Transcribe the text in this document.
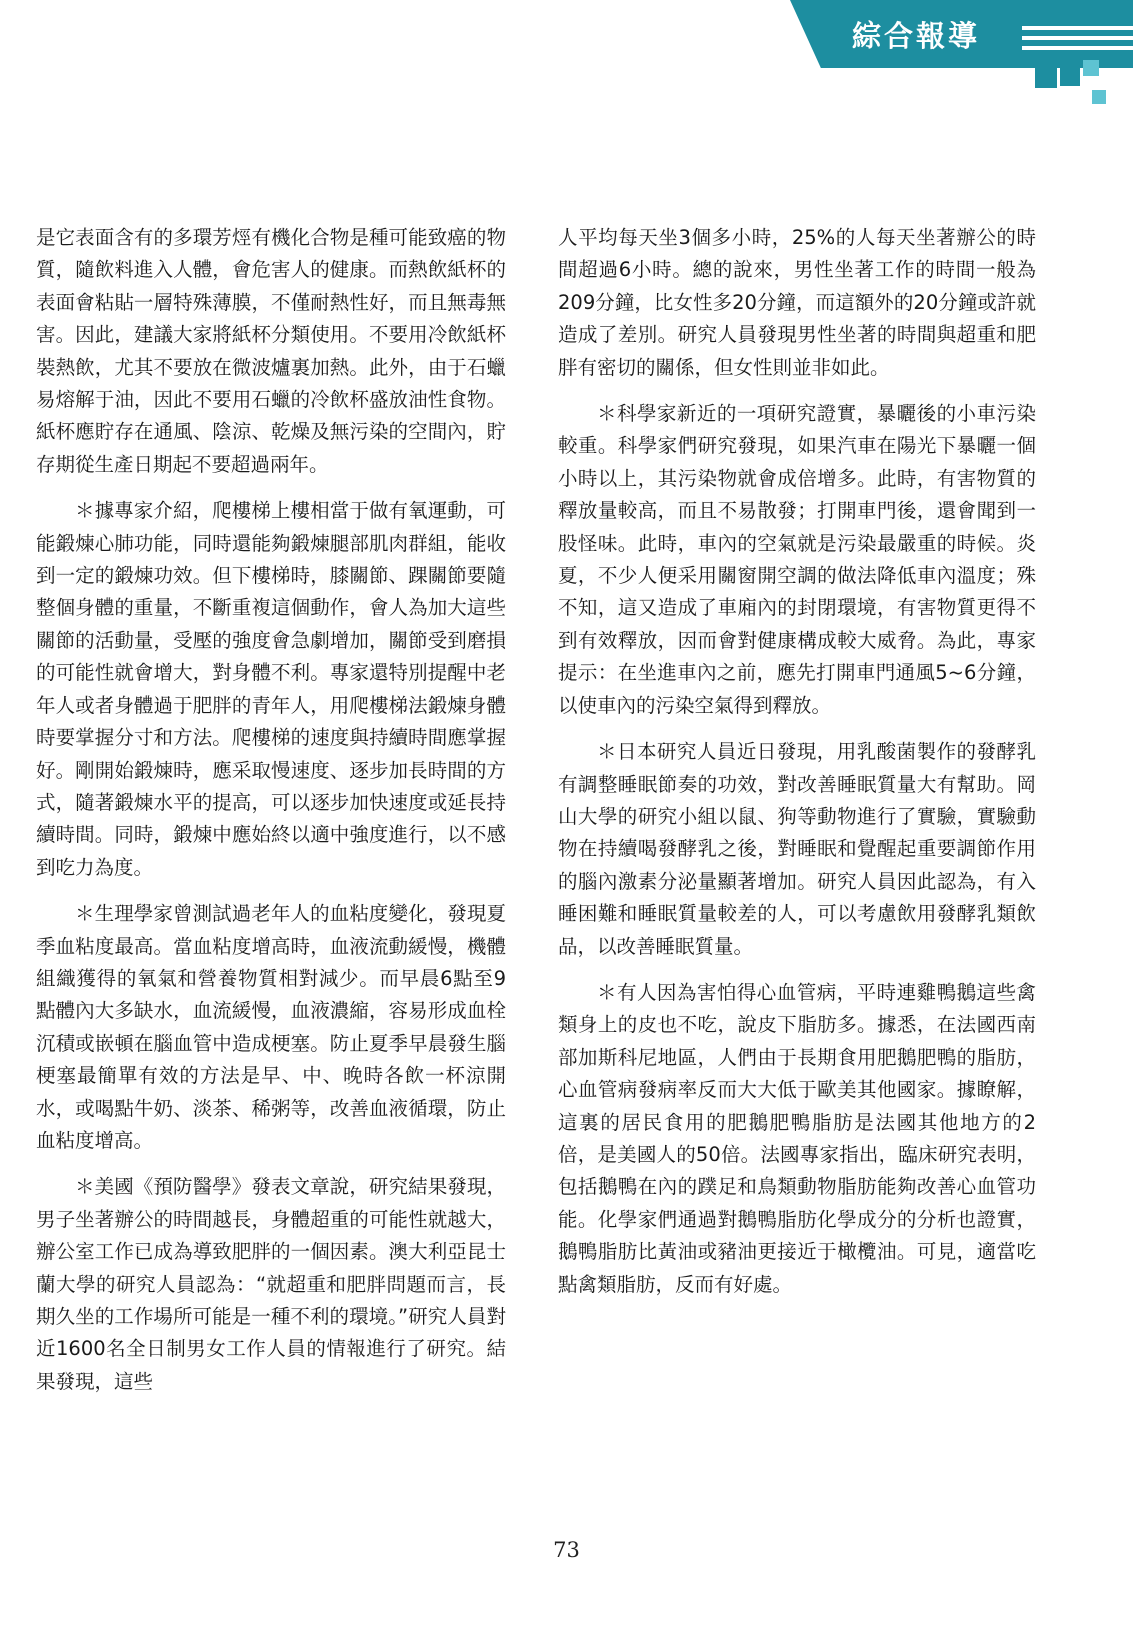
綜合報導

是它表面含有的多環芳烴有機化合物是種可能致癌的物質，隨飲料進入人體，會危害人的健康。而熱飲紙杯的表面會粘貼一層特殊薄膜，不僅耐熱性好，而且無毒無害。因此，建議大家將紙杯分類使用。不要用冷飲紙杯裝熱飲，尤其不要放在微波爐裏加熱。此外，由于石蠟易熔解于油，因此不要用石蠟的冷飲杯盛放油性食物。紙杯應貯存在通風、陰涼、乾燥及無污染的空間內，貯存期從生產日期起不要超過兩年。

＊據專家介紹，爬樓梯上樓相當于做有氧運動，可能鍛煉心肺功能，同時還能夠鍛煉腿部肌肉群組，能收到一定的鍛煉功效。但下樓梯時，膝關節、踝關節要隨整個身體的重量，不斷重複這個動作，會人為加大這些關節的活動量，受壓的強度會急劇增加，關節受到磨損的可能性就會增大，對身體不利。專家還特別提醒中老年人或者身體過于肥胖的青年人，用爬樓梯法鍛煉身體時要掌握分寸和方法。爬樓梯的速度與持續時間應掌握好。剛開始鍛煉時，應采取慢速度、逐步加長時間的方式，隨著鍛煉水平的提高，可以逐步加快速度或延長持續時間。同時，鍛煉中應始終以適中強度進行，以不感到吃力為度。

＊生理學家曾測試過老年人的血粘度變化，發現夏季血粘度最高。當血粘度增高時，血液流動緩慢，機體組織獲得的氧氣和營養物質相對減少。而早晨6點至9點體內大多缺水，血流緩慢，血液濃縮，容易形成血栓沉積或嵌頓在腦血管中造成梗塞。防止夏季早晨發生腦梗塞最簡單有效的方法是早、中、晚時各飲一杯涼開水，或喝點牛奶、淡茶、稀粥等，改善血液循環，防止血粘度增高。

＊美國《預防醫學》發表文章說，研究結果發現，男子坐著辦公的時間越長，身體超重的可能性就越大，辦公室工作已成為導致肥胖的一個因素。澳大利亞昆士蘭大學的研究人員認為：“就超重和肥胖問題而言，長期久坐的工作場所可能是一種不利的環境。”研究人員對近1600名全日制男女工作人員的情報進行了研究。結果發現，這些

人平均每天坐3個多小時，25%的人每天坐著辦公的時間超過6小時。總的說來，男性坐著工作的時間一般為209分鐘，比女性多20分鐘，而這額外的20分鐘或許就造成了差別。研究人員發現男性坐著的時間與超重和肥胖有密切的關係，但女性則並非如此。

＊科學家新近的一項研究證實，暴曬後的小車污染較重。科學家們研究發現，如果汽車在陽光下暴曬一個小時以上，其污染物就會成倍增多。此時，有害物質的釋放量較高，而且不易散發；打開車門後，還會聞到一股怪味。此時，車內的空氣就是污染最嚴重的時候。炎夏，不少人便采用關窗開空調的做法降低車內溫度；殊不知，這又造成了車廂內的封閉環境，有害物質更得不到有效釋放，因而會對健康構成較大威脅。為此，專家提示：在坐進車內之前，應先打開車門通風5~6分鐘，以使車內的污染空氣得到釋放。

＊日本研究人員近日發現，用乳酸菌製作的發酵乳有調整睡眠節奏的功效，對改善睡眠質量大有幫助。岡山大學的研究小組以鼠、狗等動物進行了實驗，實驗動物在持續喝發酵乳之後，對睡眠和覺醒起重要調節作用的腦內激素分泌量顯著增加。研究人員因此認為，有入睡困難和睡眠質量較差的人，可以考慮飲用發酵乳類飲品，以改善睡眠質量。

＊有人因為害怕得心血管病，平時連雞鴨鵝這些禽類身上的皮也不吃，說皮下脂肪多。據悉，在法國西南部加斯科尼地區，人們由于長期食用肥鵝肥鴨的脂肪，心血管病發病率反而大大低于歐美其他國家。據瞭解，這裏的居民食用的肥鵝肥鴨脂肪是法國其他地方的2倍，是美國人的50倍。法國專家指出，臨床研究表明，包括鵝鴨在內的蹼足和鳥類動物脂肪能夠改善心血管功能。化學家們通過對鵝鴨脂肪化學成分的分析也證實，鵝鴨脂肪比黃油或豬油更接近于橄欖油。可見，適當吃點禽類脂肪，反而有好處。

73
